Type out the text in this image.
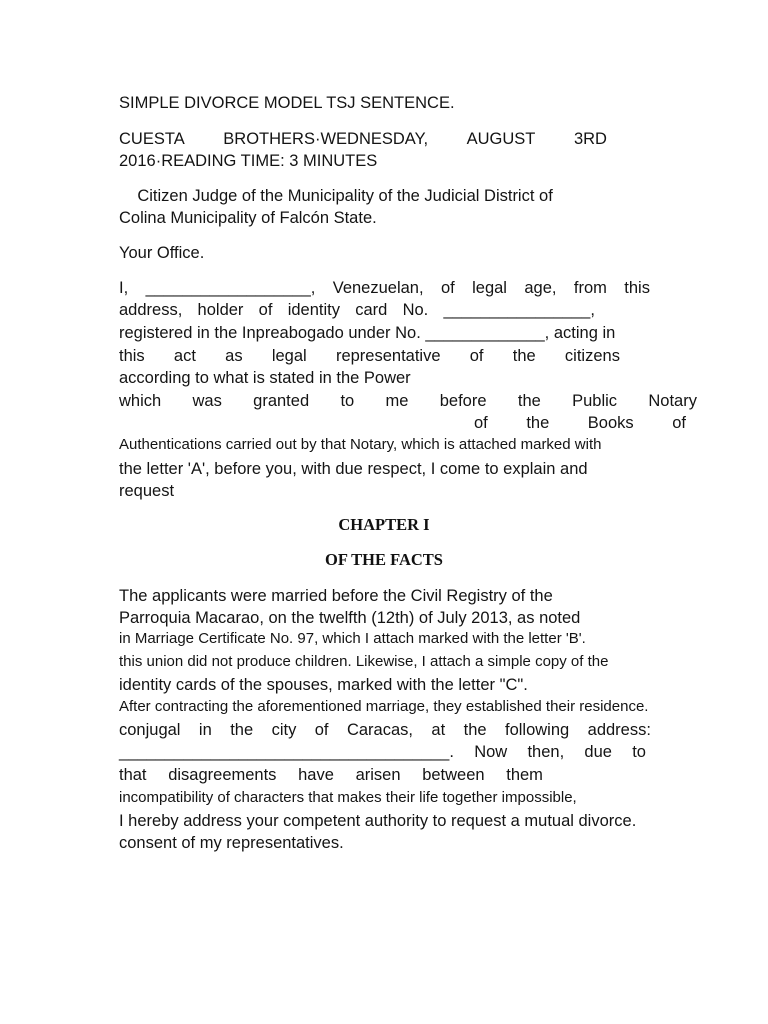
SIMPLE DIVORCE MODEL TSJ SENTENCE.
CUESTA BROTHERS·WEDNESDAY, AUGUST 3RD
2016·READING TIME: 3 MINUTES
Citizen Judge of the Municipality of the Judicial District of
Colina Municipality of Falcón State.
Your Office.
I, __________________, Venezuelan, of legal age, from this
address, holder of identity card No. ________________,
registered in the Inpreabogado under No. _____________, acting in
this act as legal representative of the citizens
according to what is stated in the Power
which was granted to me before the Public Notary
of the Books of
Authentications carried out by that Notary, which is attached marked with
the letter 'A', before you, with due respect, I come to explain and
request
CHAPTER I
OF THE FACTS
The applicants were married before the Civil Registry of the
Parroquia Macarao, on the twelfth (12th) of July 2013, as noted
in Marriage Certificate No. 97, which I attach marked with the letter 'B'.
this union did not produce children. Likewise, I attach a simple copy of the
identity cards of the spouses, marked with the letter "C".
After contracting the aforementioned marriage, they established their residence.
conjugal in the city of Caracas, at the following address:
____________________________________. Now then, due to
that disagreements have arisen between them
incompatibility of characters that makes their life together impossible,
I hereby address your competent authority to request a mutual divorce.
consent of my representatives.
